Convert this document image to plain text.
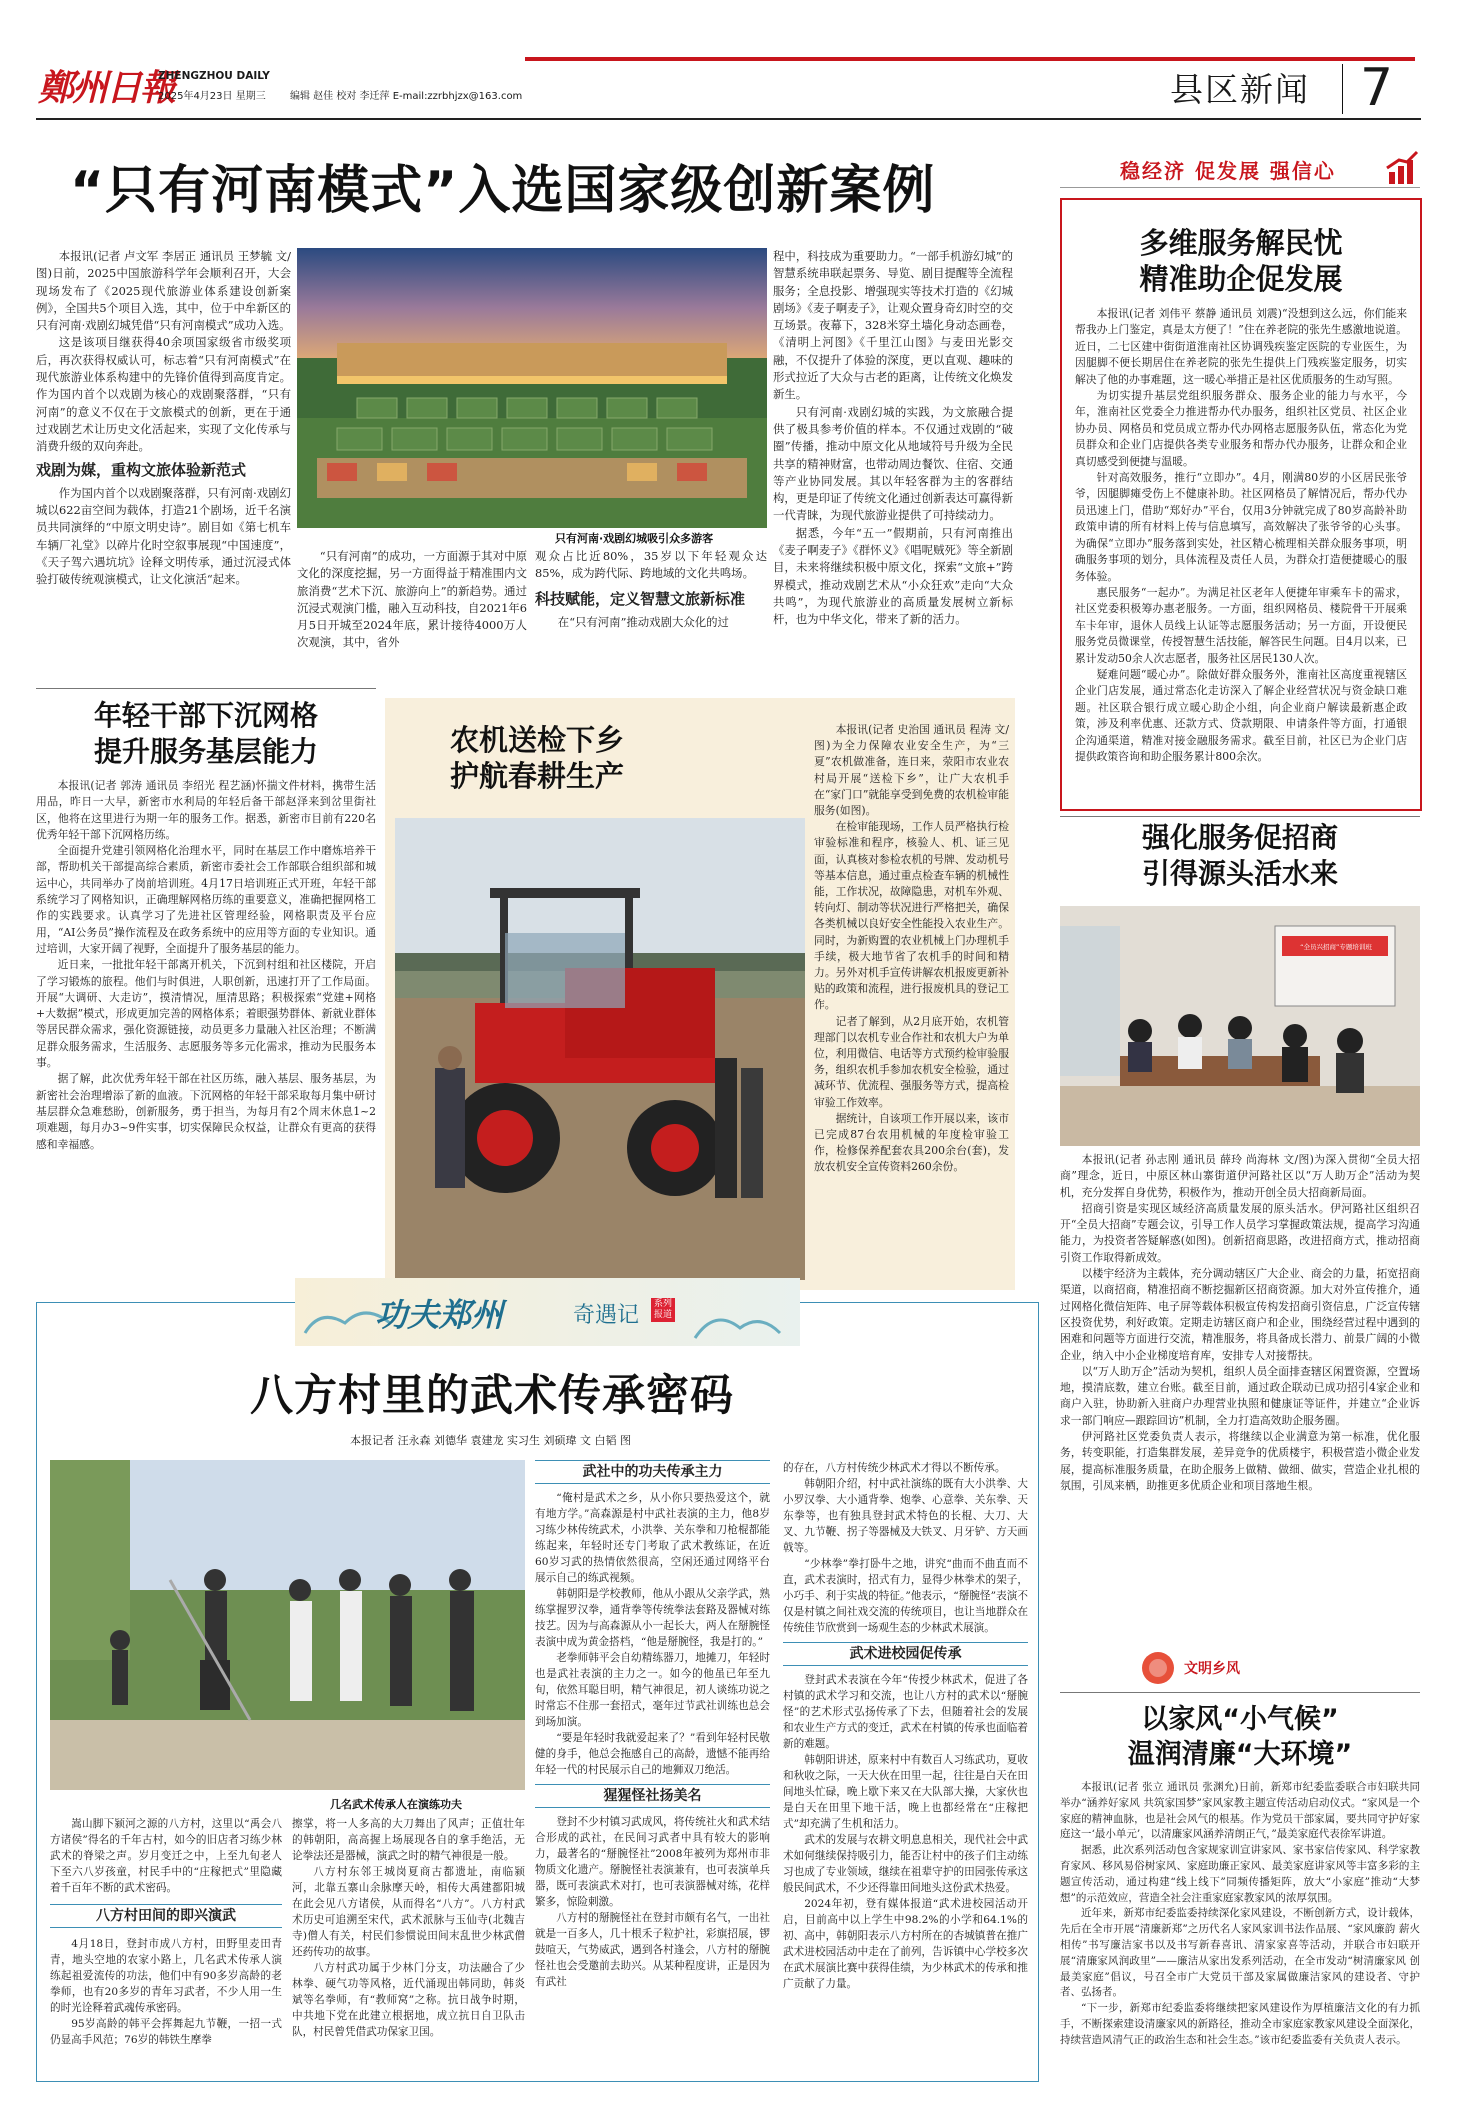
鄭州日報
ZHENGZHOU DAILY
2025年4月23日 星期三 编辑 赵佳 校对 李迁萍 E-mail:zzrbhjzx@163.com	县区新闻 7
“只有河南模式”入选国家级创新案例

本报讯(记者 卢文军 李居正 通讯员 王梦毓 文/图)日前，2025中国旅游科学年会顺利召开，大会现场发布了《2025现代旅游业体系建设创新案例》，全国共5个项目入选，其中，位于中牟新区的只有河南·戏剧幻城凭借“只有河南模式”成功入选。

这是该项目继获得40余项国家级省市级奖项后，再次获得权威认可，标志着“只有河南模式”在现代旅游业体系构建中的先锋价值得到高度肯定。作为国内首个以戏剧为核心的戏剧聚落群，“只有河南”的意义不仅在于文旅模式的创新，更在于通过戏剧艺术让历史文化活起来，实现了文化传承与消费升级的双向奔赴。

戏剧为媒，重构文旅体验新范式

作为国内首个以戏剧聚落群，只有河南·戏剧幻城以622亩空间为载体，打造21个剧场，近千名演员共同演绎的“中原文明史诗”。剧目如《第七机车车辆厂礼堂》以碎片化时空叙事展现“中国速度”，《天子驾六遇坑坑》诠释文明传承，通过沉浸式体验打破传统观演模式，让文化演活“起来。

只有河南·戏剧幻城吸引众多游客

“只有河南”的成功，一方面源于其对中原文化的深度挖掘，另一方面得益于精准围内文旅消费“艺术下沉、旅游向上”的新趋势。通过沉浸式观演门槛，融入互动科技，自2021年6月5日开城至2024年底，累计接待4000万人次观演，其中，省外

观众占比近80%，35岁以下年轻观众达85%，成为跨代际、跨地域的文化共鸣场。

科技赋能，定义智慧文旅新标准

在“只有河南”推动戏剧大众化的过

程中，科技成为重要助力。“一部手机游幻城”的智慧系统串联起票务、导览、剧目提醒等全流程服务；全息投影、增强现实等技术打造的《幻城剧场》《麦子啊麦子》，让观众置身奇幻时空的交互场景。夜幕下，328米穿土墙化身动态画卷，《清明上河图》《千里江山图》与麦田光影交融，不仅提升了体验的深度，更以直观、趣味的形式拉近了大众与古老的距离，让传统文化焕发新生。

只有河南·戏剧幻城的实践，为文旅融合提供了极具参考价值的样本。不仅通过戏剧的“破圈”传播，推动中原文化从地域符号升级为全民共享的精神财富，也带动周边餐饮、住宿、交通等产业协同发展。其以年轻客群为主的客群结构，更是印证了传统文化通过创新表达可赢得新一代青睐，为现代旅游业提供了可持续动力。

据悉，今年“五一”假期前，只有河南推出《麦子啊麦子》《群怀义》《唱呢贼死》等全新剧目，未来将继续积极中原文化，探索“文旅+”跨界模式，推动戏剧艺术从“小众狂欢”走向“大众共鸣”，为现代旅游业的高质量发展树立新标杆，也为中华文化，带来了新的活力。

稳经济 促发展 强信心
多维服务解民忧
精准助企促发展

本报讯(记者 刘伟平 蔡静 通讯员 刘震)“没想到这么远，你们能来帮我办上门鉴定，真是太方便了！”住在养老院的张先生感激地说道。近日，二七区建中街街道淮南社区协调残疾鉴定医院的专业医生，为因腿脚不便长期居住在养老院的张先生提供上门残疾鉴定服务，切实解决了他的办事难题，这一暖心举措正是社区优质服务的生动写照。

为切实提升基层党组织服务群众、服务企业的能力与水平，今年，淮南社区党委全力推进帮办代办服务，组织社区党员、社区企业协办员、网格员和党员成立帮办代办网格志愿服务队伍，常态化为党员群众和企业门店提供各类专业服务和帮办代办服务，让群众和企业真切感受到便捷与温暖。

针对高效服务，推行“立即办”。4月，刚满80岁的小区居民张爷爷，因腿脚瘫受伤上不健康补助。社区网格员了解情况后，帮办代办员迅速上门，借助“郑好办”平台，仅用3分钟就完成了80岁高龄补助政策申请的所有材料上传与信息填写，高效解决了张爷爷的心头事。为确保“立即办”服务落到实处，社区精心梳理相关群众服务事项，明确服务事项的划分，具体流程及责任人员，为群众打造便捷暖心的服务体验。

惠民服务“一起办”。为满足社区老年人便捷年审乘车卡的需求，社区党委积极筹办惠老服务。一方面，组织网格员、楼院骨干开展乘车卡年审，退休人员线上认证等志愿服务活动；另一方面，开设便民服务党员微课堂，传授智慧生活技能，解答民生问题。目4月以来，已累计发动50余人次志愿者，服务社区居民130人次。

疑难问题“暖心办”。除做好群众服务外，淮南社区高度重视辖区企业门店发展，通过常态化走访深入了解企业经营状况与资金缺口难题。社区联合银行成立暖心助企小组，向企业商户解读最新惠企政策，涉及利率优惠、还款方式、贷款期限、申请条件等方面，打通银企沟通渠道，精准对接金融服务需求。截至目前，社区已为企业门店提供政策咨询和助企服务累计800余次。

年轻干部下沉网格
提升服务基层能力

本报讯(记者 郭涛 通讯员 李绍光 程艺涵)怀揣文件材料，携带生活用品，昨日一大早，新密市水利局的年轻后备干部赵泽来到岔里街社区，他将在这里进行为期一年的服务工作。据悉，新密市目前有220名优秀年轻干部下沉网格历练。

全面提升党建引领网格化治理水平，同时在基层工作中磨炼培养干部，帮助机关干部提高综合素质，新密市委社会工作部联合组织部和城运中心，共同举办了岗前培训班。4月17日培训班正式开班，年轻干部系统学习了网格知识，正确理解网格历练的重要意义，准确把握网格工作的实践要求。认真学习了先进社区管理经验，网格职责及平台应用，“AI公务员”操作流程及在政务系统中的应用等方面的专业知识。通过培训，大家开阔了视野，全面提升了服务基层的能力。

近日来，一批批年轻干部离开机关，下沉到村组和社区楼院，开启了学习锻炼的旅程。他们与时俱进，人职创新，迅速打开了工作局面。开展“大调研、大走访”，摸清情况，厘清思路；积极探索“党建+网格+大数据”模式，形成更加完善的网格体系；着眼强势群体、新就业群体等居民群众需求，强化资源链接，动员更多力量融入社区治理；不断满足群众服务需求，生活服务、志愿服务等多元化需求，推动为民服务本事。

据了解，此次优秀年轻干部在社区历练，融入基层、服务基层，为新密社会治理增添了新的血液。下沉网格的年轻干部采取每月集中研讨基层群众急难愁盼，创新服务，勇于担当，为每月有2个周末休息1~2项难题，每月办3~9件实事，切实保障民众权益，让群众有更高的获得感和幸福感。

农机送检下乡
护航春耕生产

本报讯(记者 史治国 通讯员 程涛 文/图)为全力保障农业安全生产，为“三夏”农机做准备，连日来，荥阳市农业农村局开展“送检下乡”，让广大农机手在“家门口”就能享受到免费的农机检审能服务(如图)。

在检审能现场，工作人员严格执行检审验标准和程序，核验人、机、证三见面，认真核对参检农机的号牌、发动机号等基本信息，通过重点检查车辆的机械性能，工作状况，故障隐患，对机车外观、转向灯、制动等状况进行严格把关，确保各类机械以良好安全性能投入农业生产。同时，为新购置的农业机械上门办理机手手续，极大地节省了农机手的时间和精力。另外对机手宣传讲解农机报废更新补贴的政策和流程，进行报废机具的登记工作。

记者了解到，从2月底开始，农机管理部门以农机专业合作社和农机大户为单位，利用微信、电话等方式预约检审验服务，组织农机手参加农机安全检验，通过减环节、优流程、强服务等方式，提高检审验工作效率。

据统计，自该项工作开展以来，该市已完成87台农用机械的年度检审验工作，检修保养配套农具200余台(套)，发放农机安全宣传资料260余份。

强化服务促招商
引得源头活水来
“全员兴招商”专题培训班

本报讯(记者 孙志刚 通讯员 薛玲 尚海林 文/图)为深入贯彻“全员大招商”理念，近日，中原区林山寨街道伊河路社区以“万人助万企”活动为契机，充分发挥自身优势，积极作为，推动开创全员大招商新局面。

招商引资是实现区域经济高质量发展的原头活水。伊河路社区组织召开“全员大招商”专题会议，引导工作人员学习掌握政策法规，提高学习沟通能力，为投资者答疑解惑(如图)。创新招商思路，改进招商方式，推动招商引资工作取得新成效。

以楼宇经济为主载体，充分调动辖区广大企业、商会的力量，拓宽招商渠道，以商招商，精准招商不断挖掘新区招商资源。加大对外宣传推介，通过网格化微信矩阵、电子屏等载体积极宣传构发招商引资信息，广泛宣传辖区投资优势，利好政策。定期走访辖区商户和企业，围绕经营过程中遇到的困难和问题等方面进行交流，精准服务，将具备成长潜力、前景广阔的小微企业，纳入中小企业梯度培育库，安排专人对接帮扶。

以“万人助万企”活动为契机，组织人员全面排查辖区闲置资源，空置场地，摸清底数，建立台账。截至目前，通过政企联动已成功招引4家企业和商户入驻，协助新入驻商户办理营业执照和健康证等证件，并建立“企业诉求一部门响应—跟踪回访”机制，全力打造高效助企服务圈。

伊河路社区党委负责人表示，将继续以企业满意为第一标准，优化服务，转变职能，打造集群发展，差异竞争的优质楼宇，积极营造小微企业发展，提高标准服务质量，在助企服务上做精、做细、做实，营造企业扎根的氛围，引凤来栖，助推更多优质企业和项目落地生根。

功夫郑州	奇遇记	系列报道
八方村里的武术传承密码
本报记者 汪永森 刘德华 袁建龙 实习生 刘硕瑋 文 白韬 图
几名武术传承人在演练功夫

嵩山脚下颍河之源的八方村，这里以“禹会八方诸侯”得名的千年古村，如今的旧店者习练少林武术的脊梁之声。岁月变迁之中，上至九旬老人下至六八岁孩童，村民手中的“庄稼把式”里隐藏着千百年不断的武术密码。

八方村田间的即兴演武

4月18日，登封市成八方村，田野里麦田青青，地头空地的农家小路上，几名武术传承人演练起祖爱流传的功法，他们中有90多岁高龄的老拳师，也有20多岁的青年习武者，不少人用一生的时光诠释着武魂传承密码。

95岁高龄的韩平会挥舞起九节鞭，一招一式仍显高手风范；76岁的韩铁生摩拳

擦掌，将一人多高的大刀舞出了风声；正值壮年的韩朝阳，高高握上场展现各自的拿手绝活，无论拳法还是器械，演武之时的精气神很是一般。

八方村东邻王城岗夏商古都遗址，南临颍河，北靠五寨山余脉摩天岭，相传大禹建都阳城在此会见八方诸侯，从而得名“八方”。八方村武术历史可追溯至宋代，武术派脉与玉仙寺(北魏吉寺)僧人有关，村民们参惯说田间末乱世少林武僧还药传功的故事。

八方村武功属于少林门分支，功法融合了少林拳、硬气功等风格，近代涌现出韩同助，韩炎斌等名拳师，有“教师窝”之称。抗日战争时期，中共地下党在此建立根据地，成立抗日自卫队击队，村民曾凭借武功保家卫国。

武社中的功夫传承主力

“俺村是武术之乡，从小你只要热爱这个，就有地方学。”高森源是村中武社表演的主力，他8岁习练少林传统武术，小洪拳、关东拳和刀枪棍都能练起来，年轻时还专门考取了武术教练证，在近60岁习武的热情依然很高，空闲还通过网络平台展示自己的练武视频。

韩朝阳是学校教师，他从小跟从父亲学武，熟练掌握罗汉拳，通背拳等传统拳法套路及器械对练技艺。因为与高森源从小一起长大，两人在掰腕怪表演中成为黄金搭档，“他是掰腕怪，我是打的。”

老拳师韩平会自幼精练器刀，地摊刀，年轻时也是武社表演的主力之一。如今的他虽已年至九旬，依然耳聪目明，精气神很足，初人谈练功说之时常忘不住那一套招式，毫年过节武社训练也总会到场加演。

“要是年轻时我就爱起来了？”看到年轻村民敬健的身手，他总会拖感自己的高龄，遗憾不能再给年轻一代的村民展示自己的地狮双刀绝活。

猩猩怪社扬美名

登封不少村镇习武成风，将传统社火和武术结合形成的武社，在民间习武者中具有较大的影响力，最著名的“掰腕怪社”2008年被列为郑州市非物质文化遗产。掰腕怪社表演兼有，也可表演单兵器，既可表演武术对打，也可表演器械对练，花样繁多，惊险刺激。

八方村的掰腕怪社在登封市颇有名气，一出社就是一百多人，几十根禾子粒护社，彩旗招展，锣鼓喧天，气势威武，遇到各村逢会，八方村的掰腕怪社也会受邀前去助兴。从某种程度讲，正是因为有武社

的存在，八方村传统少林武术才得以不断传承。

韩朝阳介绍，村中武社演练的既有大小洪拳、大小罗汉拳、大小通背拳、炮拳、心意拳、关东拳、天东拳等，也有独具登封武术特色的长棍、大刀、大叉、九节鞭、拐子等器械及大铁叉、月牙铲、方天画戟等。

“少林拳”拳打卧牛之地，讲究“曲而不曲直而不直，武术表演时，招式有力，显得少林拳术的架子，小巧手、利于实战的特征。”他表示，“掰腕怪”表演不仅是村镇之间社戏交流的传统项目，也让当地群众在传统佳节欣赏到一场观生态的少林武术展演。

武术进校园促传承

登封武术表演在今年“传授少林武术，促进了各村镇的武术学习和交流，也让八方村的武术以“掰腕怪”的艺术形式弘扬传承了下去，但随着社会的发展和农业生产方式的变迁，武术在村镇的传承也面临着新的难题。

韩朝阳讲述，原来村中有数百人习练武功，夏收和秋收之际，一天大伙在田里一起，往往是白天在田间地头忙碌，晚上歇下来又在大队部大操，大家伙也是白天在田里下地干活，晚上也都经常在“庄稼把式”却充满了生机和活力。

武术的发展与农耕文明息息相关，现代社会中武术如何继续保持吸引力，能否让村中的孩子们主动练习也成了专业领域，继续在祖辈守护的田园张传承这般民间武术，不少还得靠田间地头这份武术热爱。

2024年初，登有媒体报道“武术进校园活动开启，目前高中以上学生中98.2%的小学和64.1%的初、高中，韩朝阳表示八方村所在的杏城镇普在推广武术进校园活动中走在了前列，告诉镇中心学校多次在武术展演比赛中获得佳绩，为少林武术的传承和推广贡献了力量。

文明乡风
以家风“小气候”
温润清廉“大环境”

本报讯(记者 张立 通讯员 张渊允)日前，新郑市纪委监委联合市妇联共同举办“涵养好家风 共筑家国梦”家风家教主题宣传活动启动仪式。“家风是一个家庭的精神血脉，也是社会风气的根基。作为党员干部家属，要共同守护好家庭这一‘最小单元’，以清廉家风涵养清朗正气，”最美家庭代表徐军讲道。

据悉，此次系列活动包含家规家训宣讲家风、家书家信传家风、科学家教育家风、移风易俗树家风、家庭助廉正家风、最美家庭讲家风等丰富多彩的主题宣传活动，通过构建“线上线下”同频传播矩阵，放大“小家庭”推动“大梦想”的示范效应，营造全社会注重家庭家教家风的浓厚氛围。

近年来，新郑市纪委监委持续深化家风建设，不断创新方式，设计载体，先后在全市开展“清廉新郑”之历代名人家风家训书法作品展、“家风廉韵 薪火相传”书写廉洁家书以及书写新春喜讯、清家家喜等活动，并联合市妇联开展“清廉家风润政里”——廉洁从家出发系列活动，在全市发动“树清廉家风 创最美家庭”倡议，号召全市广大党员干部及家属做廉洁家风的建设者、守护者、弘扬者。

“下一步，新郑市纪委监委将继续把家风建设作为厚植廉洁文化的有力抓手，不断探索建设清廉家风的新路径，推动全市家庭家教家风建设全面深化，持续营造风清气正的政治生态和社会生态。”该市纪委监委有关负责人表示。
